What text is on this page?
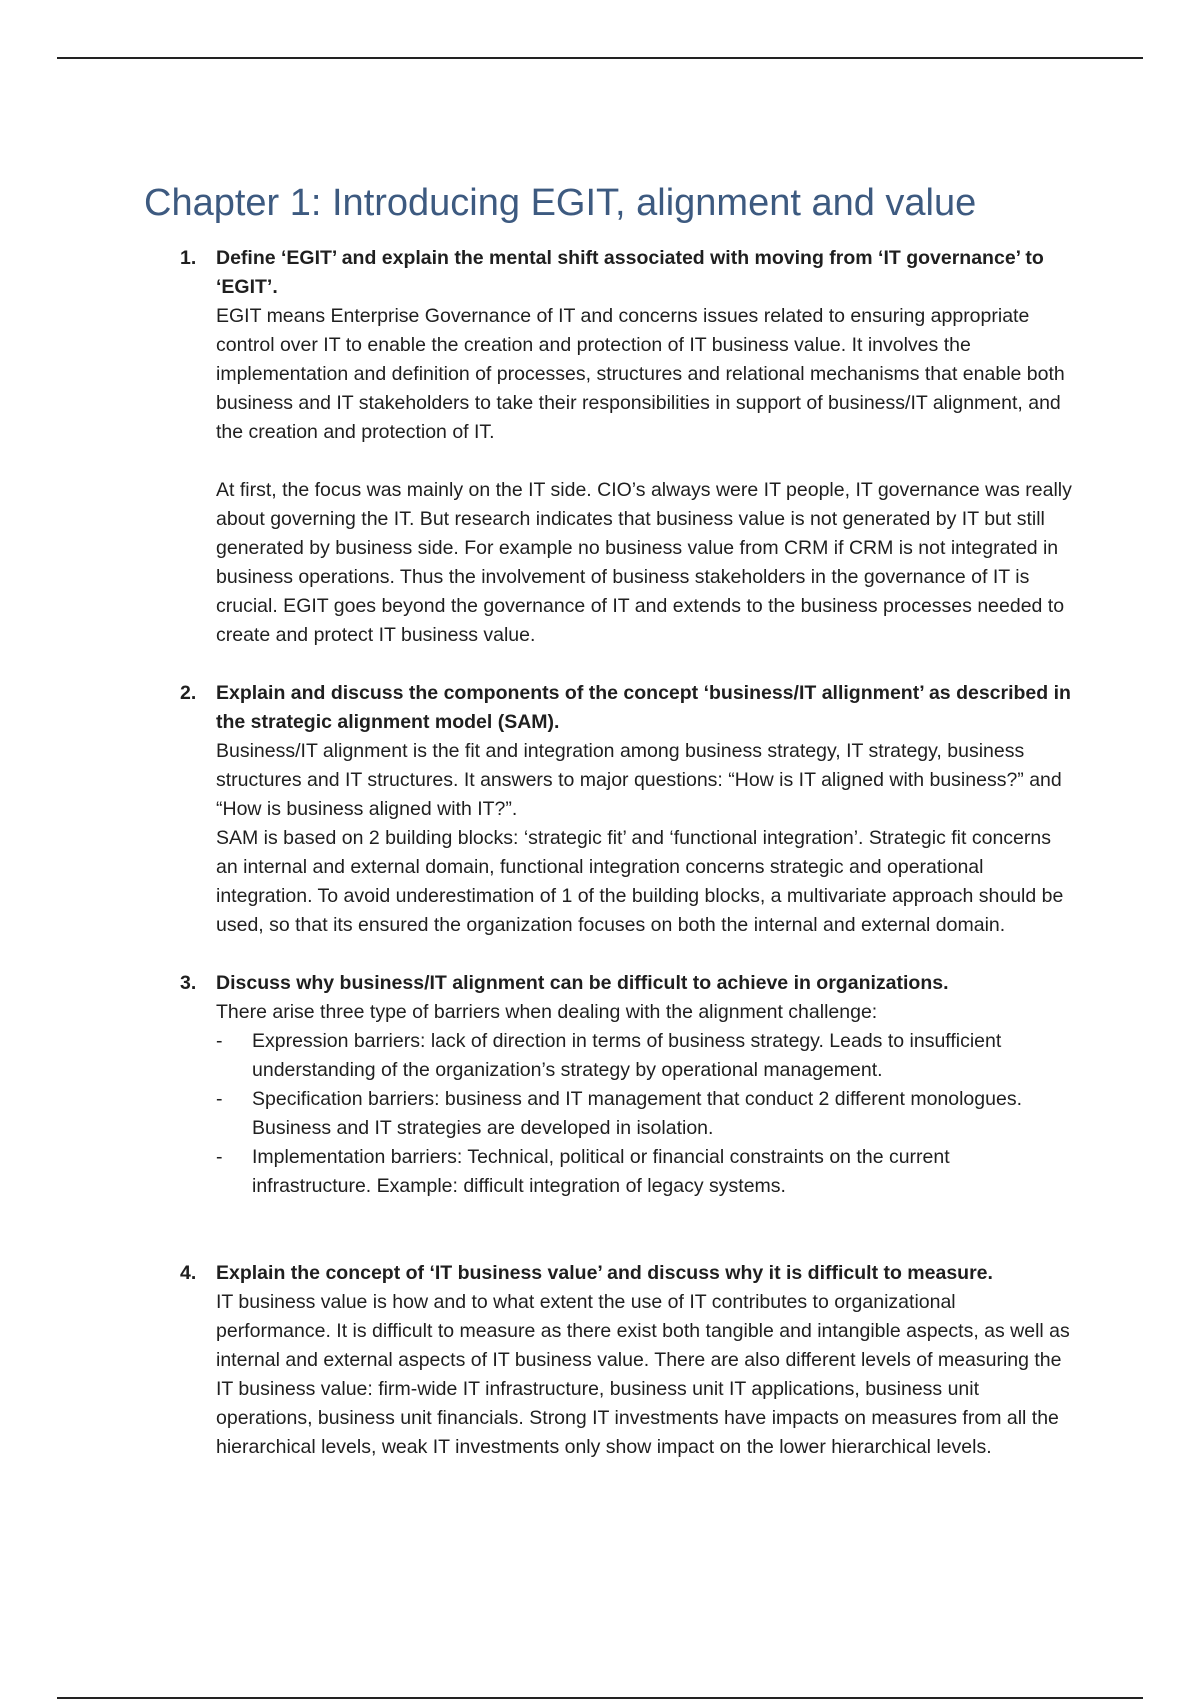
Chapter 1: Introducing EGIT, alignment and value
1. Define ‘EGIT’ and explain the mental shift associated with moving from ‘IT governance’ to ‘EGIT’.

EGIT means Enterprise Governance of IT and concerns issues related to ensuring appropriate control over IT to enable the creation and protection of IT business value. It involves the implementation and definition of processes, structures and relational mechanisms that enable both business and IT stakeholders to take their responsibilities in support of business/IT alignment, and the creation and protection of IT.

At first, the focus was mainly on the IT side. CIO’s always were IT people, IT governance was really about governing the IT. But research indicates that business value is not generated by IT but still generated by business side. For example no business value from CRM if CRM is not integrated in business operations. Thus the involvement of business stakeholders in the governance of IT is crucial. EGIT goes beyond the governance of IT and extends to the business processes needed to create and protect IT business value.

2. Explain and discuss the components of the concept ‘business/IT allignment’ as described in the strategic alignment model (SAM).

Business/IT alignment is the fit and integration among business strategy, IT strategy, business structures and IT structures. It answers to major questions: “How is IT aligned with business?” and “How is business aligned with IT?”.

SAM is based on 2 building blocks: ‘strategic fit’ and ‘functional integration’. Strategic fit concerns an internal and external domain, functional integration concerns strategic and operational integration. To avoid underestimation of 1 of the building blocks, a multivariate approach should be used, so that its ensured the organization focuses on both the internal and external domain.

3. Discuss why business/IT alignment can be difficult to achieve in organizations.

There arise three type of barriers when dealing with the alignment challenge:

- Expression barriers: lack of direction in terms of business strategy. Leads to insufficient understanding of the organization’s strategy by operational management.
- Specification barriers: business and IT management that conduct 2 different monologues. Business and IT strategies are developed in isolation.
- Implementation barriers: Technical, political or financial constraints on the current infrastructure. Example: difficult integration of legacy systems.
4. Explain the concept of ‘IT business value’ and discuss why it is difficult to measure.

IT business value is how and to what extent the use of IT contributes to organizational performance. It is difficult to measure as there exist both tangible and intangible aspects, as well as internal and external aspects of IT business value. There are also different levels of measuring the IT business value: firm-wide IT infrastructure, business unit IT applications, business unit operations, business unit financials. Strong IT investments have impacts on measures from all the hierarchical levels, weak IT investments only show impact on the lower hierarchical levels.
